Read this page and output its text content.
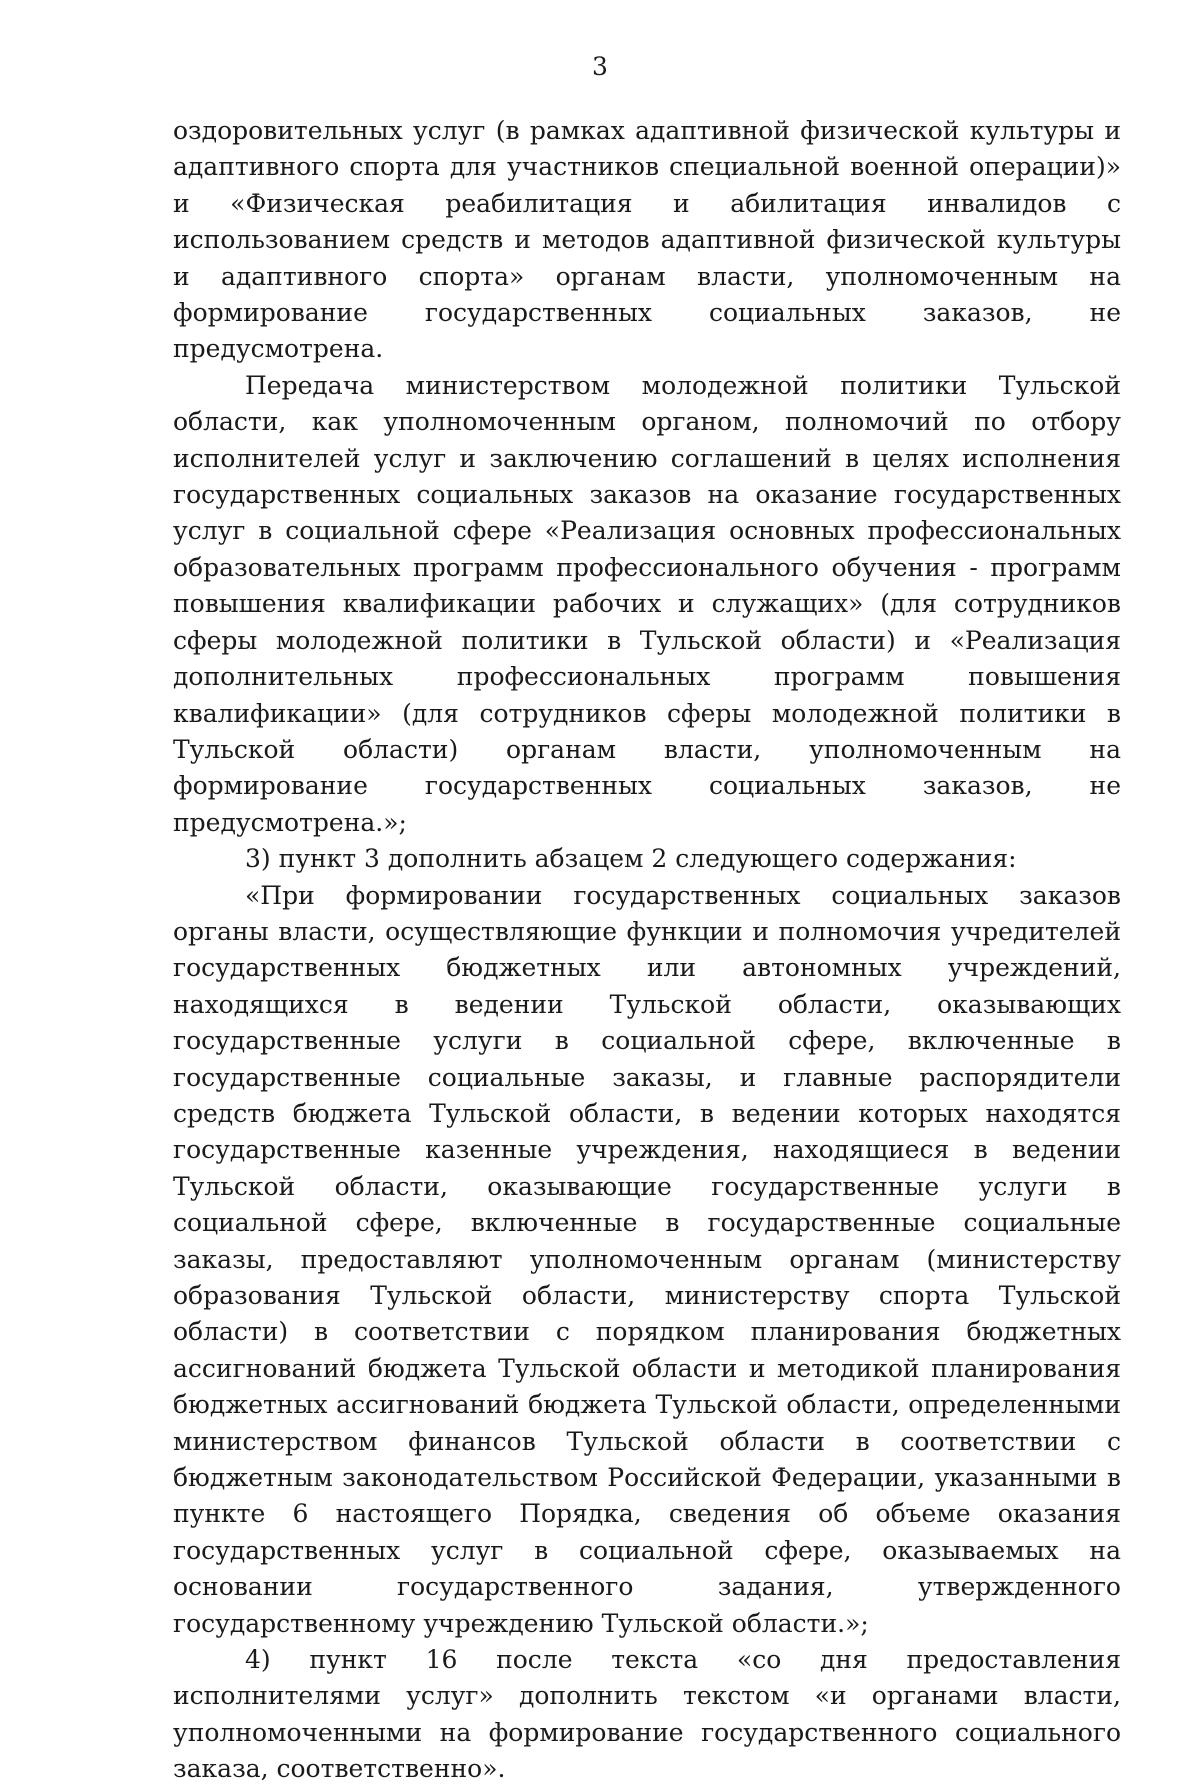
3

оздоровительных услуг (в рамках адаптивной физической культуры и адаптивного спорта для участников специальной военной операции)» и «Физическая реабилитация и абилитация инвалидов с использованием средств и методов адаптивной физической культуры и адаптивного спорта» органам власти, уполномоченным на формирование государственных социальных заказов, не предусмотрена.

Передача министерством молодежной политики Тульской области, как уполномоченным органом, полномочий по отбору исполнителей услуг и заключению соглашений в целях исполнения государственных социальных заказов на оказание государственных услуг в социальной сфере «Реализация основных профессиональных образовательных программ профессионального обучения - программ повышения квалификации рабочих и служащих» (для сотрудников сферы молодежной политики в Тульской области) и «Реализация дополнительных профессиональных программ повышения квалификации» (для сотрудников сферы молодежной политики в Тульской области) органам власти, уполномоченным на формирование государственных социальных заказов, не предусмотрена.»;

3) пункт 3 дополнить абзацем 2 следующего содержания:

«При формировании государственных социальных заказов органы власти, осуществляющие функции и полномочия учредителей государственных бюджетных или автономных учреждений, находящихся в ведении Тульской области, оказывающих государственные услуги в социальной сфере, включенные в государственные социальные заказы, и главные распорядители средств бюджета Тульской области, в ведении которых находятся государственные казенные учреждения, находящиеся в ведении Тульской области, оказывающие государственные услуги в социальной сфере, включенные в государственные социальные заказы, предоставляют уполномоченным органам (министерству образования Тульской области, министерству спорта Тульской области) в соответствии с порядком планирования бюджетных ассигнований бюджета Тульской области и методикой планирования бюджетных ассигнований бюджета Тульской области, определенными министерством финансов Тульской области в соответствии с бюджетным законодательством Российской Федерации, указанными в пункте 6 настоящего Порядка, сведения об объеме оказания государственных услуг в социальной сфере, оказываемых на основании государственного задания, утвержденного государственному учреждению Тульской области.»;

4) пункт 16 после текста «со дня предоставления исполнителями услуг» дополнить текстом «и органами власти, уполномоченными на формирование государственного социального заказа, соответственно».
